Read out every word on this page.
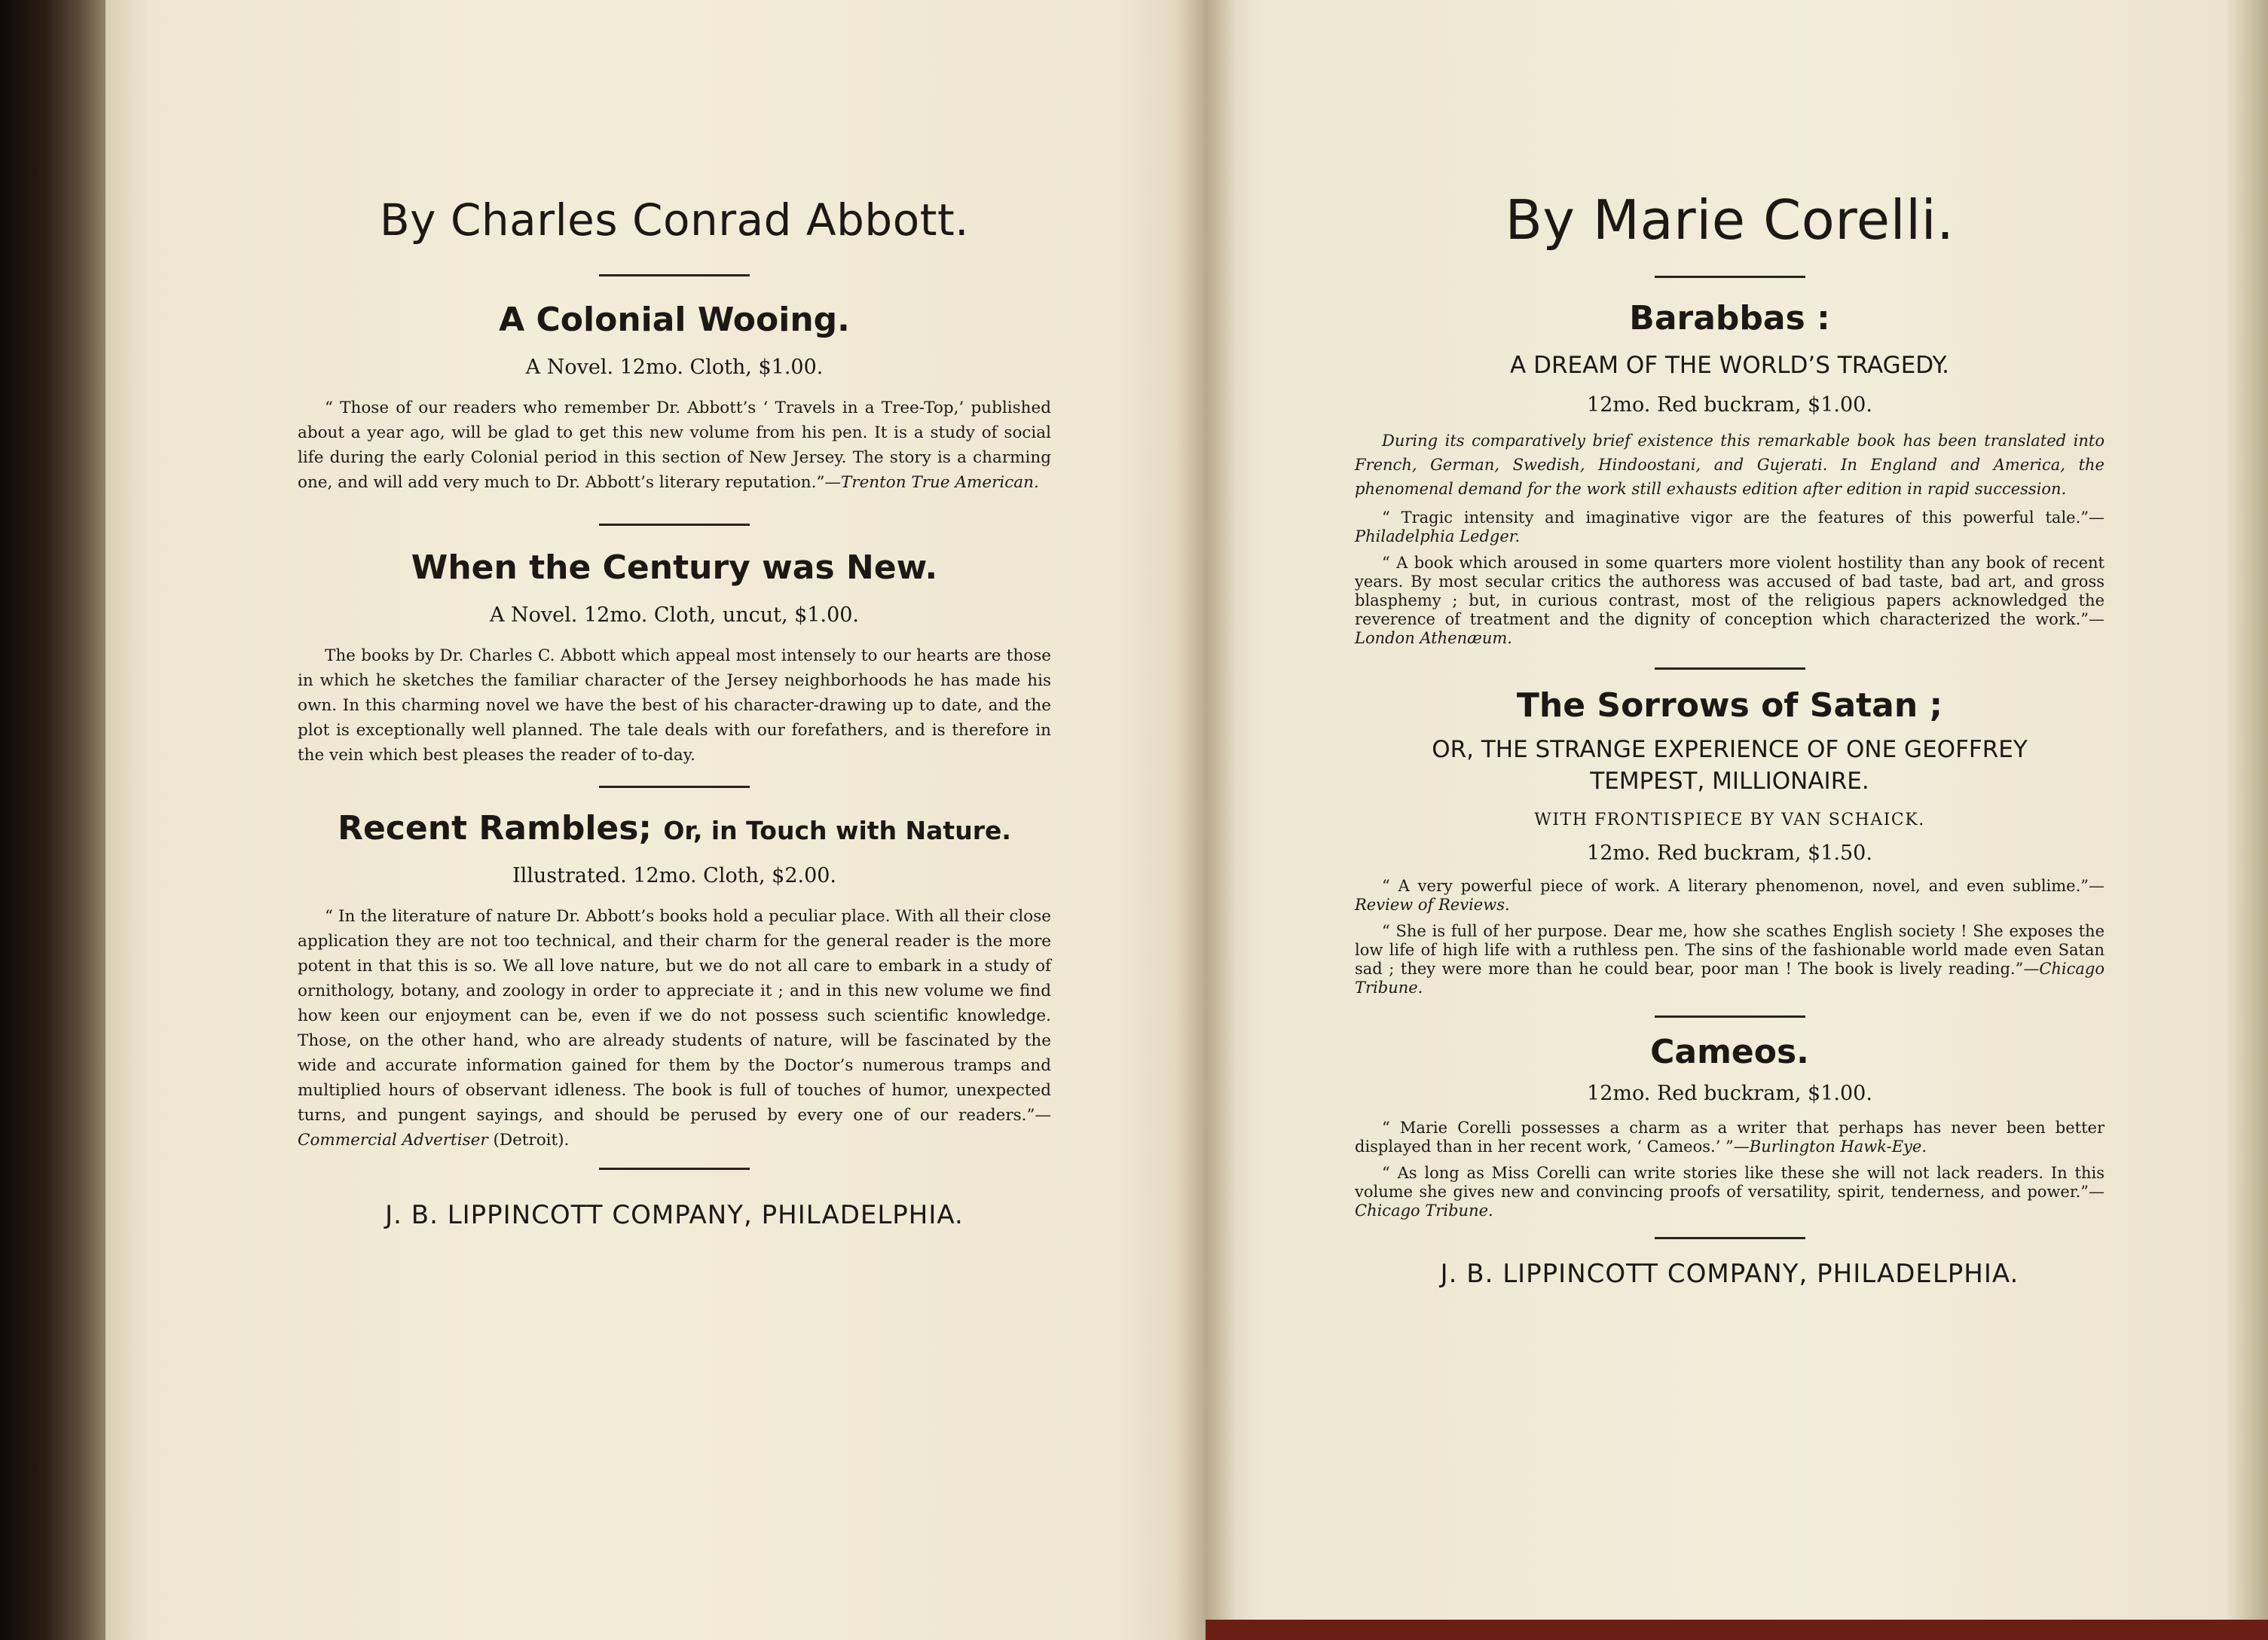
By Charles Conrad Abbott.
A Colonial Wooing.

A Novel. 12mo. Cloth, $1.00.

“ Those of our readers who remember Dr. Abbott’s ‘ Travels in a Tree-Top,’ published about a year ago, will be glad to get this new volume from his pen. It is a study of social life during the early Colonial period in this section of New Jersey. The story is a charming one, and will add very much to Dr. Abbott’s literary reputation.”—Trenton True American.

When the Century was New.

A Novel. 12mo. Cloth, uncut, $1.00.

The books by Dr. Charles C. Abbott which appeal most intensely to our hearts are those in which he sketches the familiar character of the Jersey neighborhoods he has made his own. In this charming novel we have the best of his character-drawing up to date, and the plot is exceptionally well planned. The tale deals with our forefathers, and is therefore in the vein which best pleases the reader of to-day.

Recent Rambles; Or, in Touch with Nature.

Illustrated. 12mo. Cloth, $2.00.

“ In the literature of nature Dr. Abbott’s books hold a peculiar place. With all their close application they are not too technical, and their charm for the general reader is the more potent in that this is so. We all love nature, but we do not all care to embark in a study of ornithology, botany, and zoology in order to appreciate it ; and in this new volume we find how keen our enjoyment can be, even if we do not possess such scientific knowledge. Those, on the other hand, who are already students of nature, will be fascinated by the wide and accurate information gained for them by the Doctor’s numerous tramps and multiplied hours of observant idleness. The book is full of touches of humor, unexpected turns, and pungent sayings, and should be perused by every one of our readers.”—Commercial Advertiser (Detroit).

J. B. LIPPINCOTT COMPANY, PHILADELPHIA.

By Marie Corelli.
Barabbas :

A DREAM OF THE WORLD’S TRAGEDY.

12mo. Red buckram, $1.00.

During its comparatively brief existence this remarkable book has been translated into French, German, Swedish, Hindoostani, and Gujerati. In England and America, the phenomenal demand for the work still exhausts edition after edition in rapid succession.

“ Tragic intensity and imaginative vigor are the features of this powerful tale.”—Philadelphia Ledger.

“ A book which aroused in some quarters more violent hostility than any book of recent years. By most secular critics the authoress was accused of bad taste, bad art, and gross blasphemy ; but, in curious contrast, most of the religious papers acknowledged the reverence of treatment and the dignity of conception which characterized the work.”—London Athenæum.

The Sorrows of Satan ;

OR, THE STRANGE EXPERIENCE OF ONE GEOFFREY

TEMPEST, MILLIONAIRE.

WITH FRONTISPIECE BY VAN SCHAICK.

12mo. Red buckram, $1.50.

“ A very powerful piece of work. A literary phenomenon, novel, and even sublime.”—Review of Reviews.

“ She is full of her purpose. Dear me, how she scathes English society ! She exposes the low life of high life with a ruthless pen. The sins of the fashionable world made even Satan sad ; they were more than he could bear, poor man ! The book is lively reading.”—Chicago Tribune.

Cameos.

12mo. Red buckram, $1.00.

“ Marie Corelli possesses a charm as a writer that perhaps has never been better displayed than in her recent work, ‘ Cameos.’ ”—Burlington Hawk-Eye.

“ As long as Miss Corelli can write stories like these she will not lack readers. In this volume she gives new and convincing proofs of versatility, spirit, tenderness, and power.”—Chicago Tribune.

J. B. LIPPINCOTT COMPANY, PHILADELPHIA.
